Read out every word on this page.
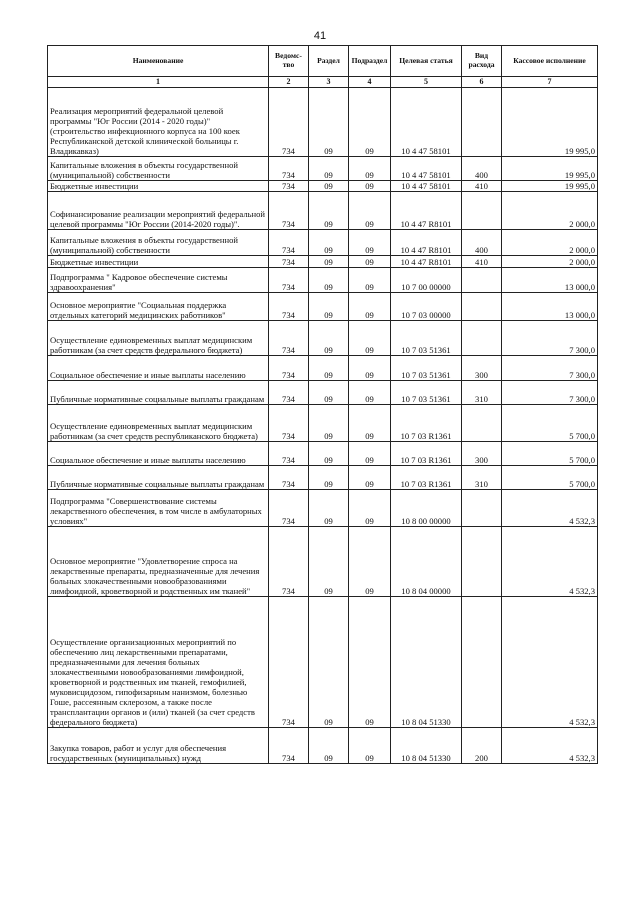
41
Наименование	Ведомс-тво	Раздел	Подраздел	Целевая статья	Вид расхода	Кассовое исполнение
1	2	3	4	5	6	7
Реализация мероприятий федеральной целевой программы "Юг России (2014 - 2020 годы)" (строительство инфекционного корпуса на 100 коек Республиканской детской клинической больницы г. Владикавказ)	734	09	09	10 4 47 58101		19 995,0
Капитальные вложения в объекты государственной (муниципальной) собственности	734	09	09	10 4 47 58101	400	19 995,0
Бюджетные инвестиции	734	09	09	10 4 47 58101	410	19 995,0
Софинансирование реализации мероприятий федеральной целевой программы "Юг России (2014-2020 годы)".	734	09	09	10 4 47 R8101		2 000,0
Капитальные вложения в объекты государственной (муниципальной) собственности	734	09	09	10 4 47 R8101	400	2 000,0
Бюджетные инвестиции	734	09	09	10 4 47 R8101	410	2 000,0
Подпрограмма " Кадровое обеспечение системы здравоохранения"	734	09	09	10 7 00 00000		13 000,0
Основное мероприятие "Социальная поддержка отдельных категорий медицинских работников"	734	09	09	10 7 03 00000		13 000,0
Осуществление единовременных выплат медицинским работникам (за счет средств федерального бюджета)	734	09	09	10 7 03 51361		7 300,0
Социальное обеспечение и иные выплаты населению	734	09	09	10 7 03 51361	300	7 300,0
Публичные нормативные социальные выплаты гражданам	734	09	09	10 7 03 51361	310	7 300,0
Осуществление единовременных выплат медицинским работникам (за счет средств республиканского бюджета)	734	09	09	10 7 03 R1361		5 700,0
Социальное обеспечение и иные выплаты населению	734	09	09	10 7 03 R1361	300	5 700,0
Публичные нормативные социальные выплаты гражданам	734	09	09	10 7 03 R1361	310	5 700,0
Подпрограмма "Совершенствование системы лекарственного обеспечения, в том числе в амбулаторных условиях"	734	09	09	10 8 00 00000		4 532,3
Основное мероприятие "Удовлетворение спроса на лекарственные препараты, предназначенные для лечения больных злокачественными новообразованиями лимфоидной, кроветворной и родственных им тканей"	734	09	09	10 8 04 00000		4 532,3
Осуществление организационных мероприятий по обеспечению лиц лекарственными препаратами, предназначенными для лечения больных злокачественными новообразованиями лимфоидной, кроветворной и родственных им тканей, гемофилией, муковисцидозом, гипофизарным нанизмом, болезнью Гоше, рассеянным склерозом, а также после трансплантации органов и (или) тканей (за счет средств федерального бюджета)	734	09	09	10 8 04 51330		4 532,3
Закупка товаров, работ и услуг для обеспечения государственных (муниципальных) нужд	734	09	09	10 8 04 51330	200	4 532,3
